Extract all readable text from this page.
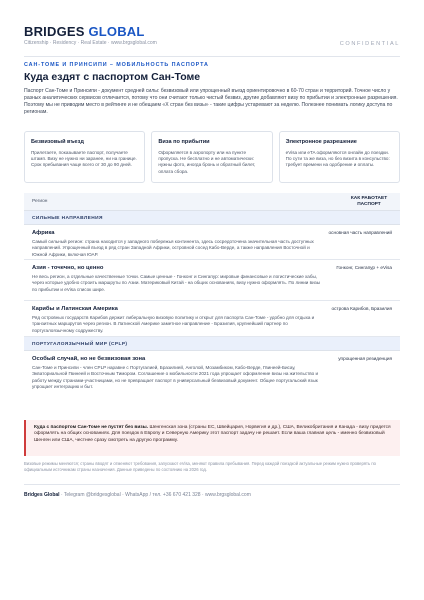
BRIDGES GLOBAL
Citizenship · Residency · Real Estate · www.brgsglobal.com	CONFIDENTIAL
САН-ТОМЕ И ПРИНСИПИ – МОБИЛЬНОСТЬ ПАСПОРТА
Куда ездят с паспортом Сан-Томе
Паспорт Сан-Томе и Принсипи - документ средней силы: безвизовый или упрощенный въезд ориентировочно в 60-70 стран и территорий. Точное число у разных аналитических сервисов отличается, потому что они считают только чистый безвиз, другие добавляют визу по прибытии и электронные разрешения. Поэтому мы не приводим место в рейтинге и не обещаем «X стран без визы» - такие цифры устаревают за неделю. Полезнее понимать логику доступа по регионам.
Безвизовый въезд
Прилетаете, показываете паспорт, получаете штамп. Визу не нужно ни заранее, ни на границе. Срок пребывания чаще всего от 30 до 90 дней.
Виза по прибытии
Оформляется в аэропорту или на пункте пропуска. Не бесплатно и не автоматически: нужны фото, иногда бронь и обратный билет, оплата сбора.
Электронное разрешение
eVisa или eTA оформляются онлайн до поездки. По сути та же виза, но без визита в консульство: требует времени на одобрение и оплаты.
Регион
КАК РАБОТАЕТ ПАСПОРТ
СИЛЬНЫЕ НАПРАВЛЕНИЯ
Африка
Самый сильный регион: страна находится у западного побережья континента, здесь сосредоточена значительная часть доступных направлений. Упрощенный въезд в ряд стран Западной Африки, островной сосед Кабо-Верде, а также направления Восточной и Южной Африки, включая ЮАР.
основная часть направлений
Азия - точечно, но ценно
Не весь регион, а отдельные качественные точки. Самые ценные - Гонконг и Сингапур: мировые финансовые и логистические хабы, через которые удобно строить маршруты по Азии. Материковый Китай - на общих основаниях, визу нужно оформлять. По линии визы по прибытии и eVisa список шире.
Гонконг, Сингапур + eVisa
Карибы и Латинская Америка
Ряд островных государств Карибов держит либеральную визовую политику и открыт для паспорта Сан-Томе - удобно для отдыха и транзитных маршрутов через регион. В Латинской Америке заметное направление - Бразилия, крупнейший партнер по португалоязычному содружеству.
острова Карибов, Бразилия
ПОРТУГАЛОЯЗЫЧНЫЙ МИР (CPLP)
Особый случай, но не безвизовая зона
Сан-Томе и Принсипи - член CPLP наравне с Португалией, Бразилией, Анголой, Мозамбиком, Кабо-Верде, Гвинеей-Бисау, Экваториальной Гвинеей и Восточным Тимором. Соглашение о мобильности 2021 года упрощает оформление визы на жительство и работу между странами-участницами, но не превращает паспорт в универсальный безвизовый документ. Общее португальский язык упрощает интеграцию и быт.
упрощенная резиденция
Куда с паспортом Сан-Томе не пустят без визы. Шенгенская зона (страны ЕС, Швейцария, Норвегия и др.), США, Великобритания и Канада - визу придется оформлять на общих основаниях. Для поездок в Европу и Северную Америку этот паспорт задачу не решает. Если ваша главная цель - именно безвизовый Шенген или США, честнее сразу смотреть на другую программу.
Визовые режимы меняются; страны вводят и отменяют требования, запускают eVisa, меняют правила пребывания. Перед каждой поездкой актуальные режим нужно проверять по официальным источникам страны назначения. Данные приведены по состоянию на 2026 год.
Bridges Global · Telegram @bridgesglobal · WhatsApp / тел. +36 670 421 328 · www.brgsglobal.com
